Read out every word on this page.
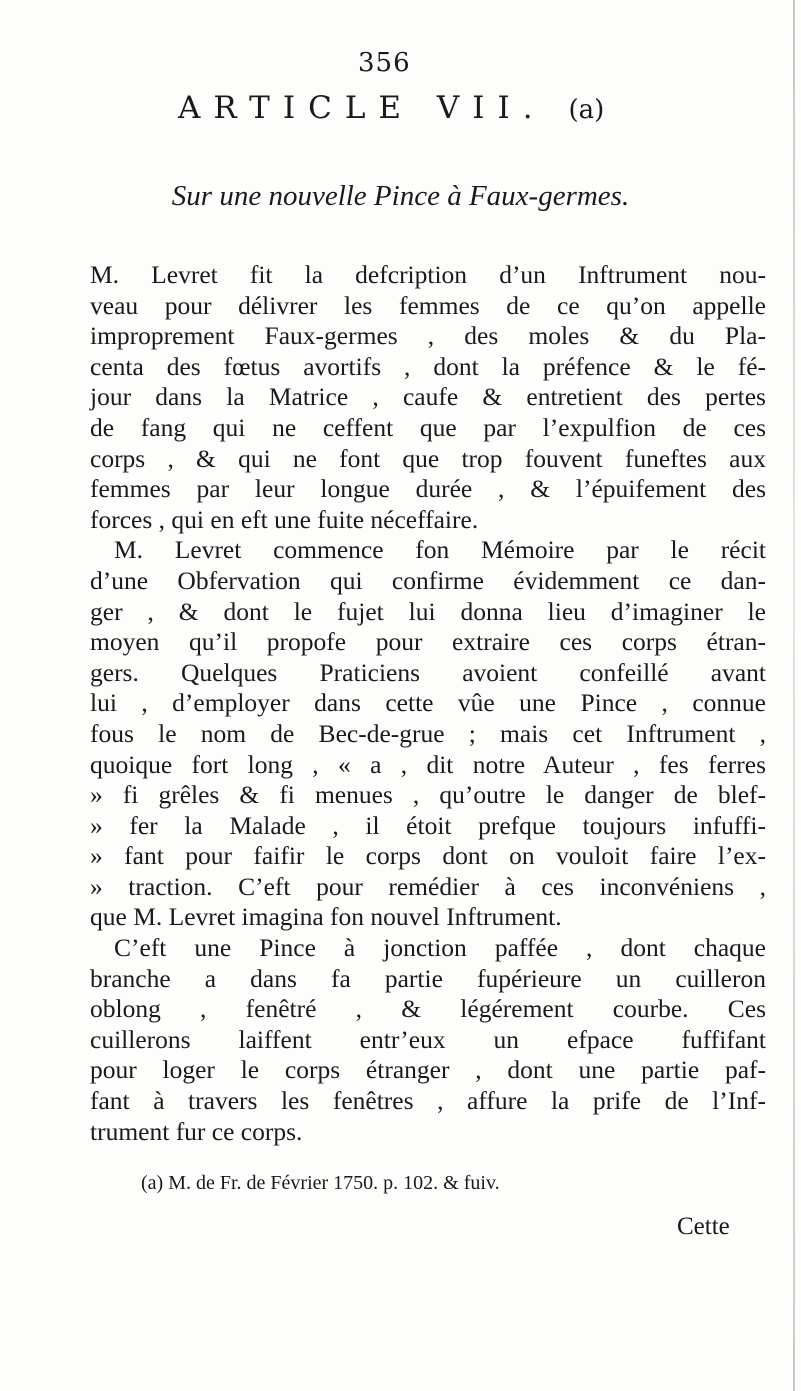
356
ARTICLE VII. (a)
Sur une nouvelle Pince à Faux-germes.
M. Levret fit la defcription d’un Inftrument nou-
veau pour délivrer les femmes de ce qu’on appelle
improprement Faux-germes , des moles & du Pla-
centa des fœtus avortifs , dont la préfence & le fé-
jour dans la Matrice , caufe & entretient des pertes
de fang qui ne ceffent que par l’expulfion de ces
corps , & qui ne font que trop fouvent funeftes aux
femmes par leur longue durée , & l’épuifement des
forces , qui en eft une fuite néceffaire.
M. Levret commence fon Mémoire par le récit
d’une Obfervation qui confirme évidemment ce dan-
ger , & dont le fujet lui donna lieu d’imaginer le
moyen qu’il propofe pour extraire ces corps étran-
gers. Quelques Praticiens avoient confeillé avant
lui , d’employer dans cette vûe une Pince , connue
fous le nom de Bec-de-grue ; mais cet Inftrument ,
quoique fort long , « a , dit notre Auteur , fes ferres
» fi grêles & fi menues , qu’outre le danger de blef-
» fer la Malade , il étoit prefque toujours infuffi-
» fant pour faifir le corps dont on vouloit faire l’ex-
» traction. C’eft pour remédier à ces inconvéniens ,
que M. Levret imagina fon nouvel Inftrument.
C’eft une Pince à jonction paffée , dont chaque
branche a dans fa partie fupérieure un cuilleron
oblong , fenêtré , & légérement courbe. Ces
cuillerons laiffent entr’eux un efpace fuffifant
pour loger le corps étranger , dont une partie paf-
fant à travers les fenêtres , affure la prife de l’Inf-
trument fur ce corps.
(a) M. de Fr. de Février 1750. p. 102. & fuiv.
Cette
